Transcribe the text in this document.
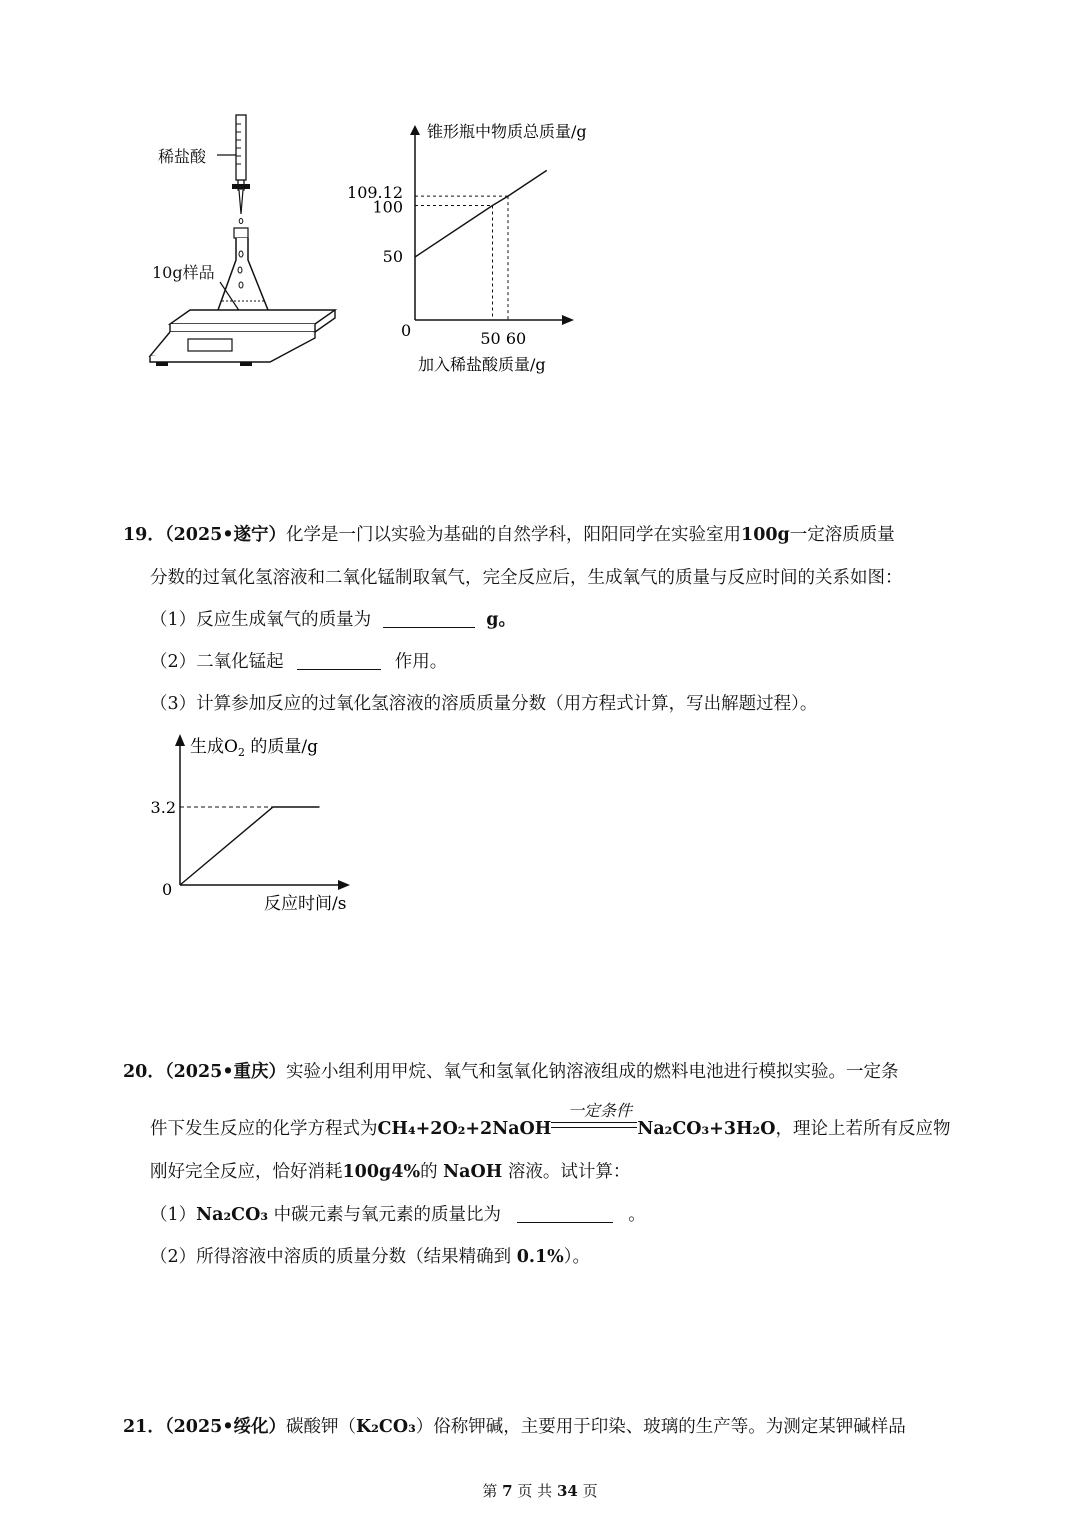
稀盐酸
10g样品
50
100
109.12
0	50 60
锥形瓶中物质总质量/g
加入稀盐酸质量/g
19．（2025•遂宁）化学是一门以实验为基础的自然学科，阳阳同学在实验室用100g一定溶质质量
分数的过氧化氢溶液和二氧化锰制取氧气，完全反应后，生成氧气的质量与反应时间的关系如图：
（1）反应生成氧气的质量为	g。
（2）二氧化锰起	作用。
（3）计算参加反应的过氧化氢溶液的溶质质量分数（用方程式计算，写出解题过程）。
3.2
0
生成$O_2$ 的质量/g
反应时间/s
20．（2025•重庆）实验小组利用甲烷、氧气和氢氧化钠溶液组成的燃料电池进行模拟实验。一定条
一定条件
件下发生反应的化学方程式为CH₄+2O₂+2NaOH	Na₂CO₃+3H₂O，理论上若所有反应物
刚好完全反应，恰好消耗100g4%的 NaOH 溶液。试计算：
（1）Na₂CO₃ 中碳元素与氧元素的质量比为	。
（2）所得溶液中溶质的质量分数（结果精确到 0.1%）。
21．（2025•绥化）碳酸钾（K₂CO₃）俗称钾碱，主要用于印染、玻璃的生产等。为测定某钾碱样品
第 7 页 共 34 页
